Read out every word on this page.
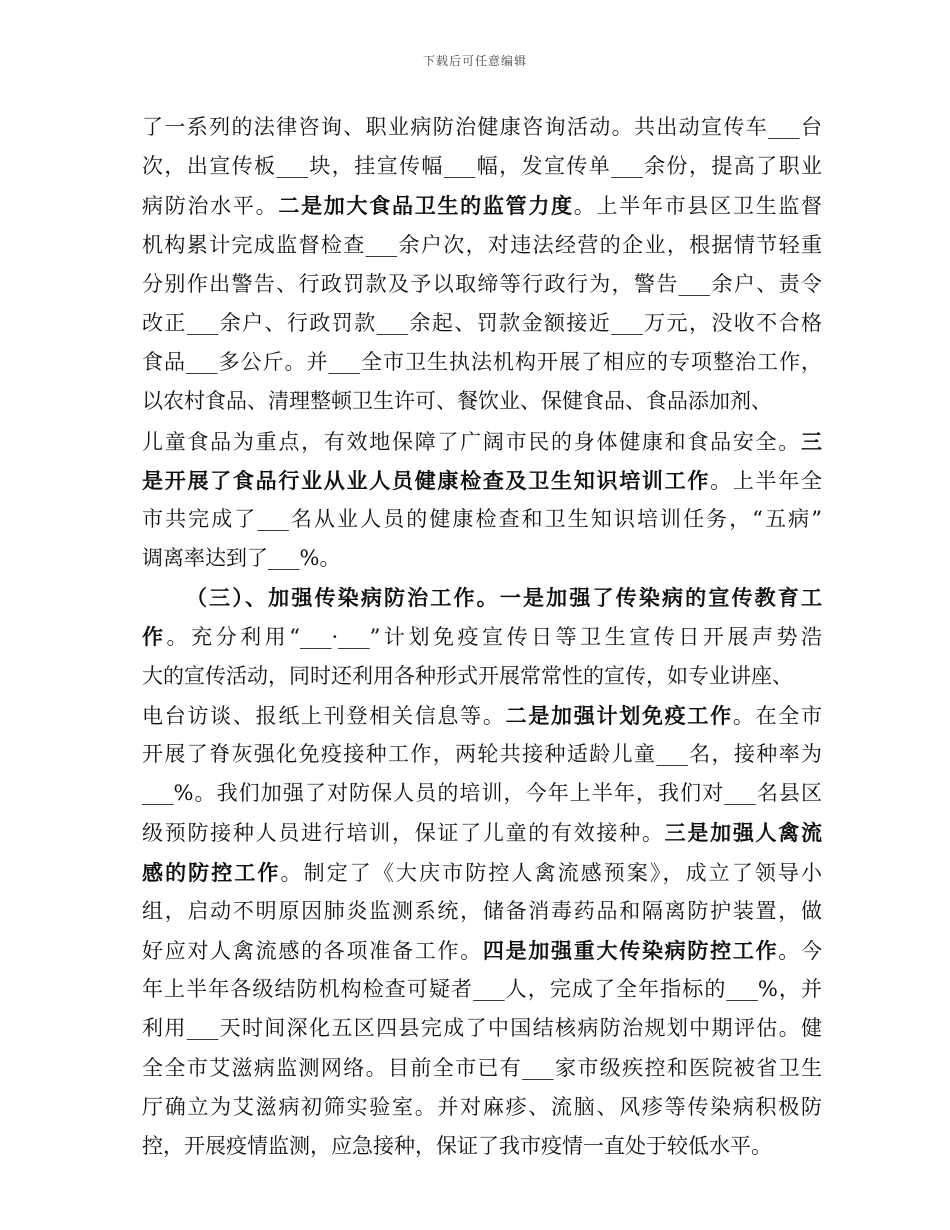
下载后可任意编辑
了一系列的法律咨询、职业病防治健康咨询活动。共出动宣传车___台
次，出宣传板___块，挂宣传幅___幅，发宣传单___余份，提高了职业
病防治水平。二是加大食品卫生的监管力度。上半年市县区卫生监督
机构累计完成监督检查___余户次，对违法经营的企业，根据情节轻重
分别作出警告、行政罚款及予以取缔等行政行为，警告___余户、责令
改正___余户、行政罚款___余起、罚款金额接近___万元，没收不合格
食品___多公斤。并___全市卫生执法机构开展了相应的专项整治工作，
以农村食品、清理整顿卫生许可、餐饮业、保健食品、食品添加剂、
儿童食品为重点，有效地保障了广阔市民的身体健康和食品安全。三
是开展了食品行业从业人员健康检查及卫生知识培训工作。上半年全
市共完成了___名从业人员的健康检查和卫生知识培训任务，“五病”
调离率达到了___%。
（三）、加强传染病防治工作。一是加强了传染病的宣传教育工
作。充分利用“___·___”计划免疫宣传日等卫生宣传日开展声势浩
大的宣传活动，同时还利用各种形式开展常常性的宣传，如专业讲座、
电台访谈、报纸上刊登相关信息等。二是加强计划免疫工作。在全市
开展了脊灰强化免疫接种工作，两轮共接种适龄儿童___名，接种率为
___%。我们加强了对防保人员的培训，今年上半年，我们对___名县区
级预防接种人员进行培训，保证了儿童的有效接种。三是加强人禽流
感的防控工作。制定了《大庆市防控人禽流感预案》，成立了领导小
组，启动不明原因肺炎监测系统，储备消毒药品和隔离防护装置，做
好应对人禽流感的各项准备工作。四是加强重大传染病防控工作。今
年上半年各级结防机构检查可疑者___人，完成了全年指标的___%，并
利用___天时间深化五区四县完成了中国结核病防治规划中期评估。健
全全市艾滋病监测网络。目前全市已有___家市级疾控和医院被省卫生
厅确立为艾滋病初筛实验室。并对麻疹、流脑、风疹等传染病积极防
控，开展疫情监测，应急接种，保证了我市疫情一直处于较低水平。
